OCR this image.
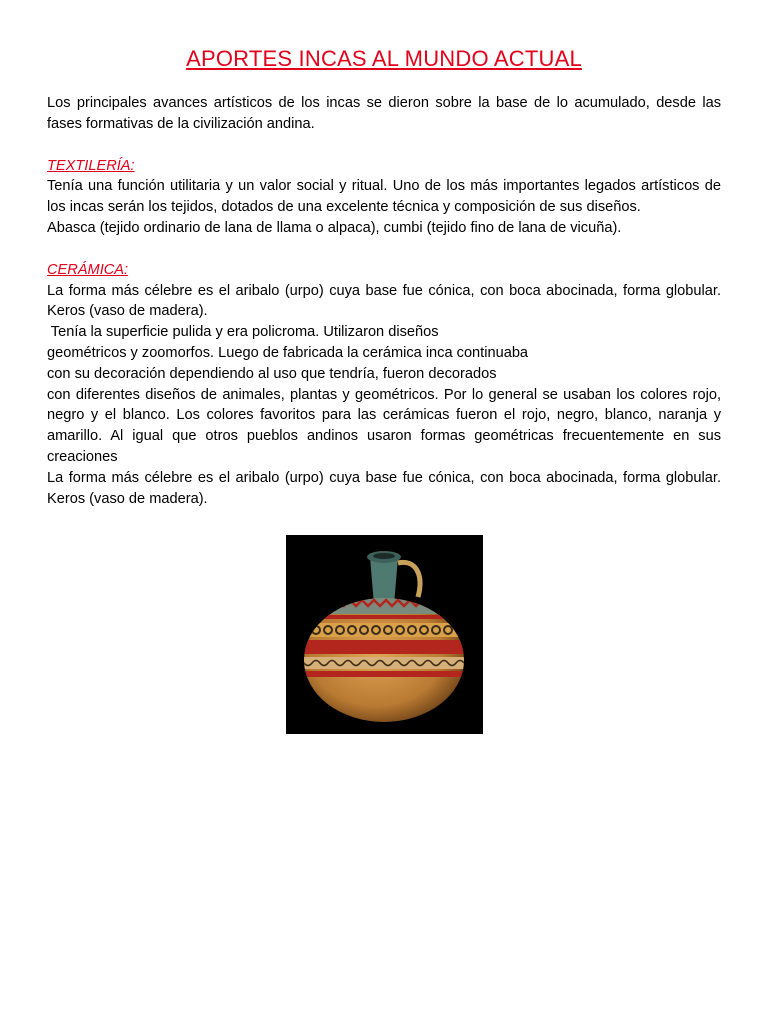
APORTES INCAS AL MUNDO ACTUAL

Los principales avances artísticos de los incas se dieron sobre la base de lo acumulado, desde las fases formativas de la civilización andina.

TEXTILERÍA:

Tenía una función utilitaria y un valor social y ritual. Uno de los más importantes legados artísticos de los incas serán los tejidos, dotados de una excelente técnica y composición de sus diseños.

Abasca (tejido ordinario de lana de llama o alpaca), cumbi (tejido fino de lana de vicuña).

CERÁMICA:

La forma más célebre es el aribalo (urpo) cuya base fue cónica, con boca abocinada, forma globular. Keros (vaso de madera).

Tenía la superficie pulida y era policroma. Utilizaron diseños

geométricos y zoomorfos. Luego de fabricada la cerámica inca continuaba

con su decoración dependiendo al uso que tendría, fueron decorados

con diferentes diseños de animales, plantas y geométricos. Por lo general se usaban los colores rojo, negro y el blanco. Los colores favoritos para las cerámicas fueron el rojo, negro, blanco, naranja y amarillo. Al igual que otros pueblos andinos usaron formas geométricas frecuentemente en sus creaciones

La forma más célebre es el aribalo (urpo) cuya base fue cónica, con boca abocinada, forma globular. Keros (vaso de madera).
